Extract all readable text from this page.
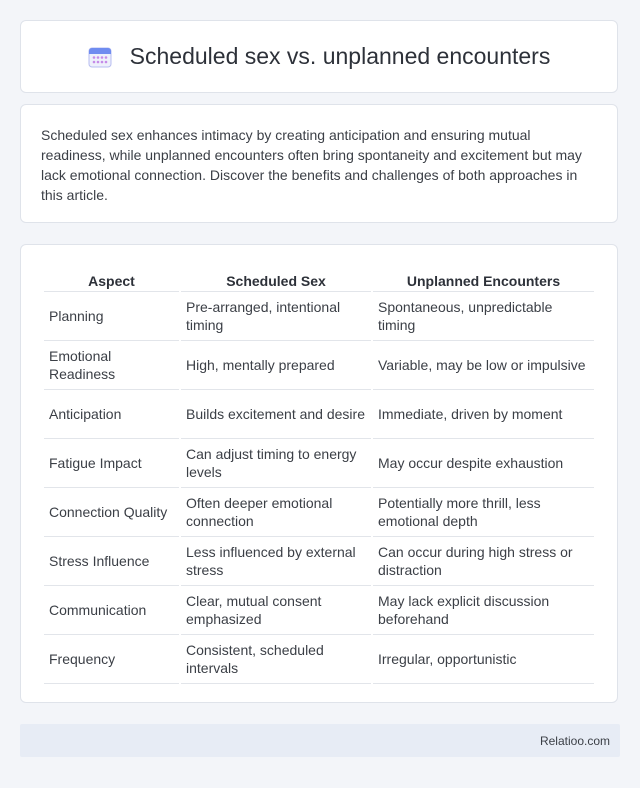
Scheduled sex vs. unplanned encounters

Scheduled sex enhances intimacy by creating anticipation and ensuring mutual readiness, while unplanned encounters often bring spontaneity and excitement but may lack emotional connection. Discover the benefits and challenges of both approaches in this article.

Aspect	Scheduled Sex	Unplanned Encounters
Planning	Pre-arranged, intentional timing	Spontaneous, unpredictable timing
Emotional Readiness	High, mentally prepared	Variable, may be low or impulsive
Anticipation	Builds excitement and desire	Immediate, driven by moment
Fatigue Impact	Can adjust timing to energy levels	May occur despite exhaustion
Connection Quality	Often deeper emotional connection	Potentially more thrill, less emotional depth
Stress Influence	Less influenced by external stress	Can occur during high stress or distraction
Communication	Clear, mutual consent emphasized	May lack explicit discussion beforehand
Frequency	Consistent, scheduled intervals	Irregular, opportunistic
Relatioo.com
